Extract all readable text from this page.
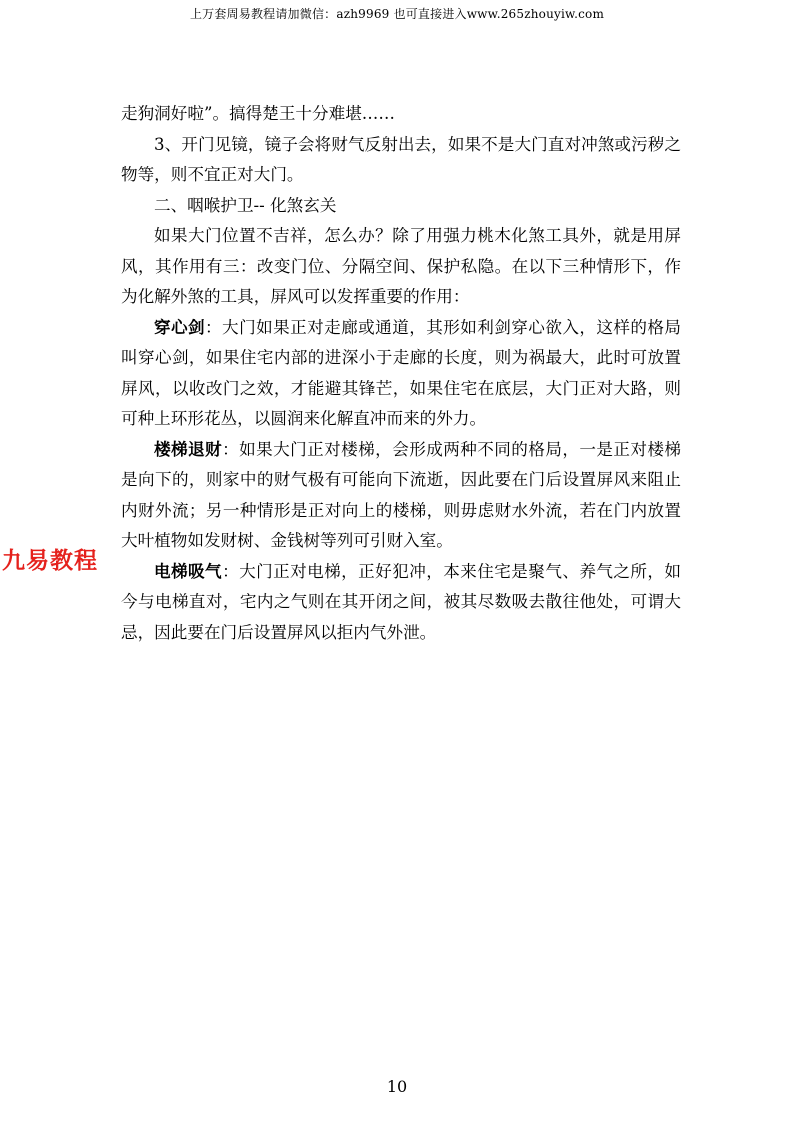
上万套周易教程请加微信：azh9969 也可直接进入www.265zhouyiw.com
九易教程

走狗洞好啦”。搞得楚王十分难堪……

3、开门见镜，镜子会将财气反射出去，如果不是大门直对冲煞或污秽之物等，则不宜正对大门。

二、咽喉护卫-- 化煞玄关

如果大门位置不吉祥，怎么办？除了用强力桃木化煞工具外，就是用屏风，其作用有三：改变门位、分隔空间、保护私隐。在以下三种情形下，作为化解外煞的工具，屏风可以发挥重要的作用：

穿心剑：大门如果正对走廊或通道，其形如利剑穿心欲入，这样的格局叫穿心剑，如果住宅内部的进深小于走廊的长度，则为祸最大，此时可放置屏风，以收改门之效，才能避其锋芒，如果住宅在底层，大门正对大路，则可种上环形花丛，以圆润来化解直冲而来的外力。

楼梯退财：如果大门正对楼梯，会形成两种不同的格局，一是正对楼梯是向下的，则家中的财气极有可能向下流逝，因此要在门后设置屏风来阻止内财外流；另一种情形是正对向上的楼梯，则毋虑财水外流，若在门内放置大叶植物如发财树、金钱树等列可引财入室。

电梯吸气：大门正对电梯，正好犯冲，本来住宅是聚气、养气之所，如今与电梯直对，宅内之气则在其开闭之间，被其尽数吸去散往他处，可谓大忌，因此要在门后设置屏风以拒内气外泄。

10
